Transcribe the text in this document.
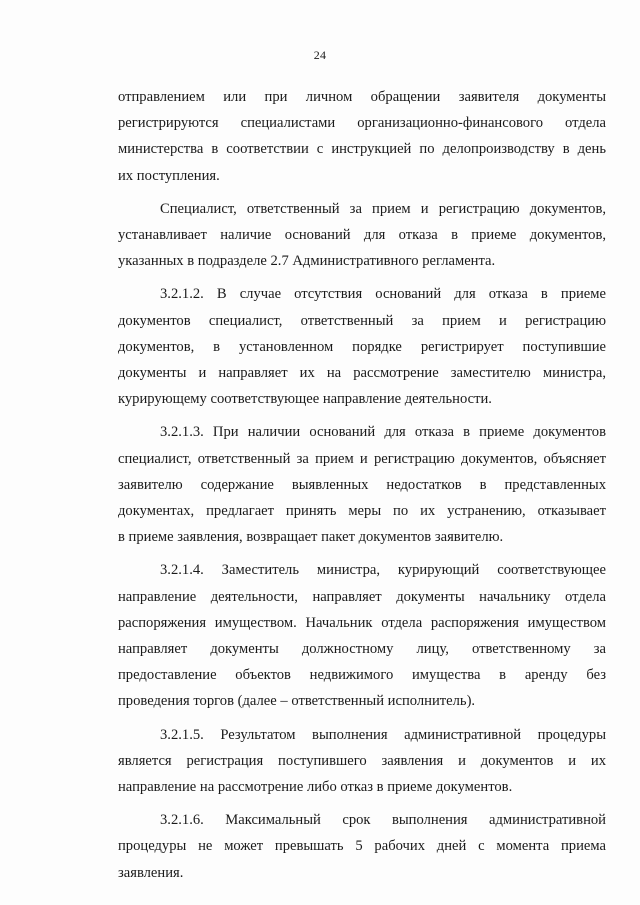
24

отправлением или при личном обращении заявителя документы
регистрируются специалистами организационно-финансового отдела
министерства в соответствии с инструкцией по делопроизводству в день
их поступления.

Специалист, ответственный за прием и регистрацию документов,
устанавливает наличие оснований для отказа в приеме документов,
указанных в подразделе 2.7 Административного регламента.

3.2.1.2. В случае отсутствия оснований для отказа в приеме
документов специалист, ответственный за прием и регистрацию
документов, в установленном порядке регистрирует поступившие
документы и направляет их на рассмотрение заместителю министра,
курирующему соответствующее направление деятельности.

3.2.1.3. При наличии оснований для отказа в приеме документов
специалист, ответственный за прием и регистрацию документов, объясняет
заявителю содержание выявленных недостатков в представленных
документах, предлагает принять меры по их устранению, отказывает
в приеме заявления, возвращает пакет документов заявителю.

3.2.1.4. Заместитель министра, курирующий соответствующее
направление деятельности, направляет документы начальнику отдела
распоряжения имуществом. Начальник отдела распоряжения имуществом
направляет документы должностному лицу, ответственному за
предоставление объектов недвижимого имущества в аренду без
проведения торгов (далее – ответственный исполнитель).

3.2.1.5. Результатом выполнения административной процедуры
является регистрация поступившего заявления и документов и их
направление на рассмотрение либо отказ в приеме документов.

3.2.1.6. Максимальный срок выполнения административной
процедуры не может превышать 5 рабочих дней с момента приема
заявления.
